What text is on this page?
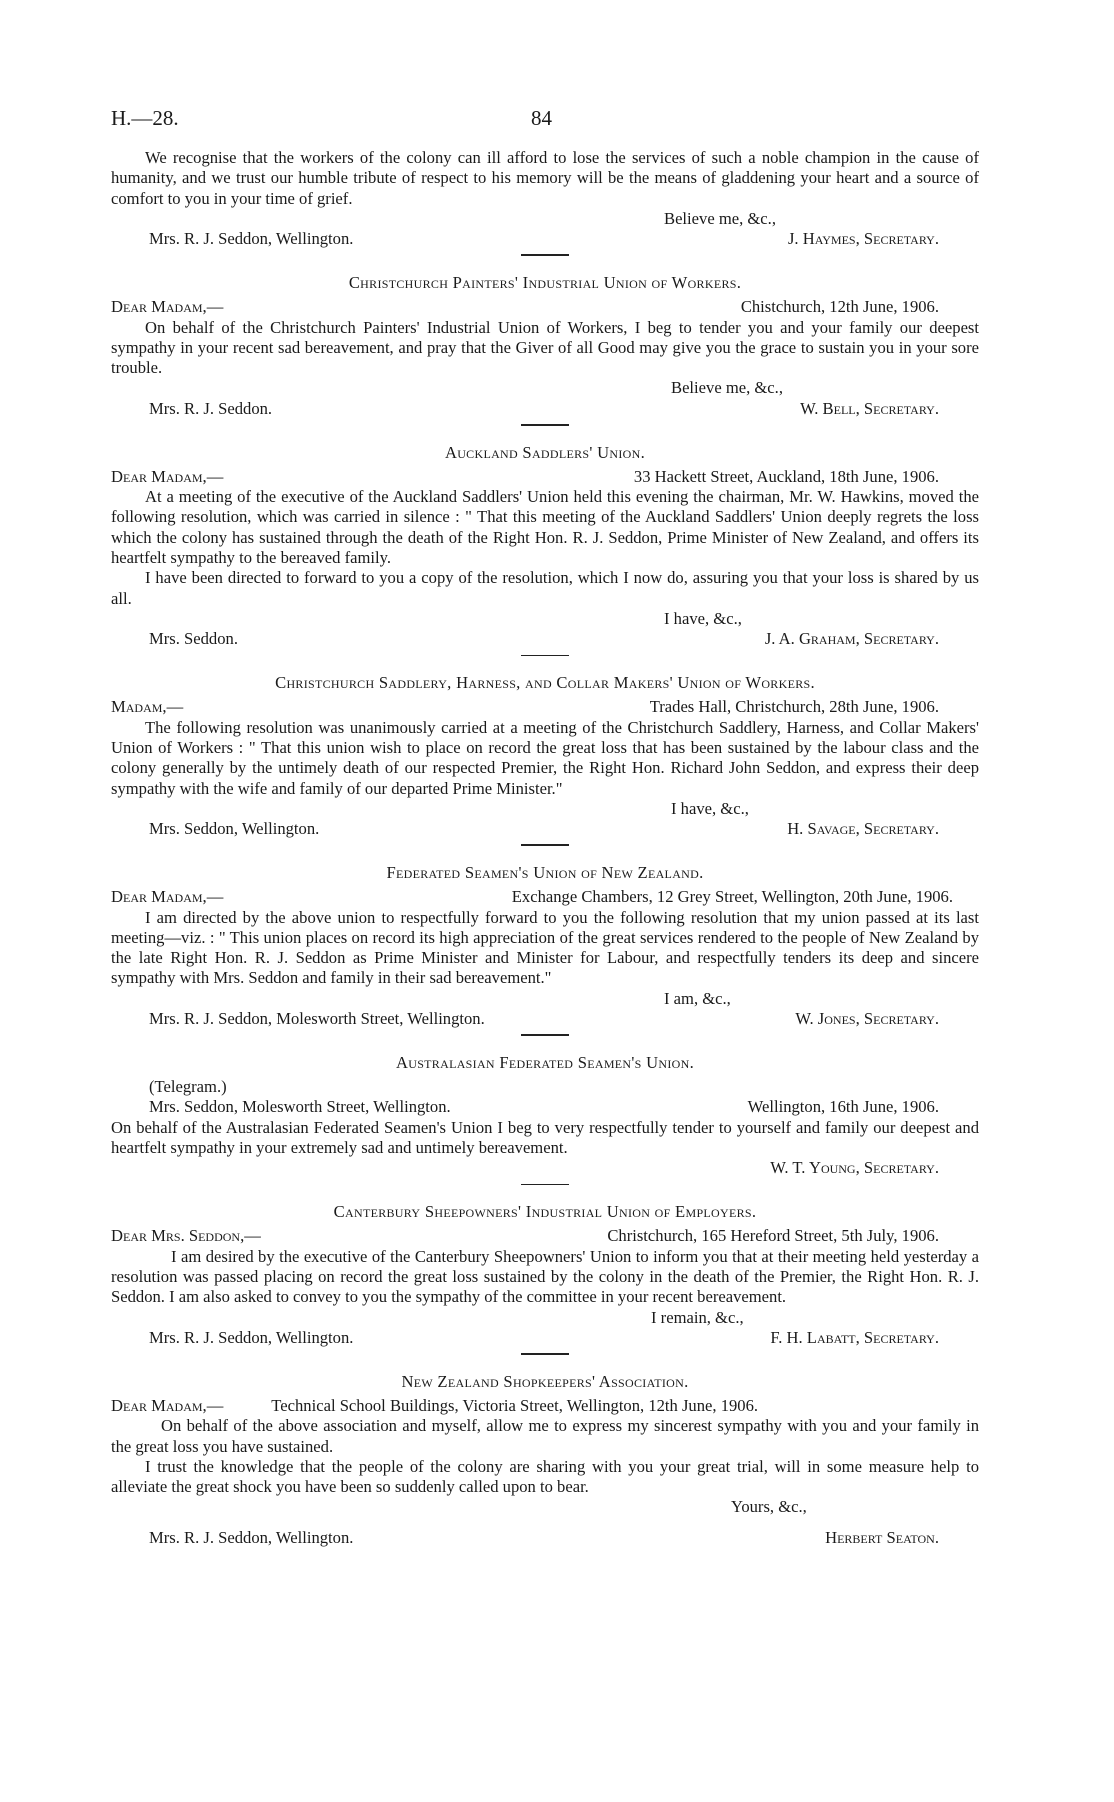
H.—28.	84

We recognise that the workers of the colony can ill afford to lose the services of such a noble champion in the cause of humanity, and we trust our humble tribute of respect to his memory will be the means of gladdening your heart and a source of comfort to you in your time of grief.

Believe me, &c.,

Mrs. R. J. Seddon, Wellington.	J. Haymes, Secretary.

Christchurch Painters' Industrial Union of Workers.

Dear Madam,—	Chistchurch, 12th June, 1906.

On behalf of the Christchurch Painters' Industrial Union of Workers, I beg to tender you and your family our deepest sympathy in your recent sad bereavement, and pray that the Giver of all Good may give you the grace to sustain you in your sore trouble.

Believe me, &c.,

Mrs. R. J. Seddon.	W. Bell, Secretary.

Auckland Saddlers' Union.

Dear Madam,—	33 Hackett Street, Auckland, 18th June, 1906.

At a meeting of the executive of the Auckland Saddlers' Union held this evening the chairman, Mr. W. Hawkins, moved the following resolution, which was carried in silence : " That this meeting of the Auckland Saddlers' Union deeply regrets the loss which the colony has sustained through the death of the Right Hon. R. J. Seddon, Prime Minister of New Zealand, and offers its heartfelt sympathy to the bereaved family.

I have been directed to forward to you a copy of the resolution, which I now do, assuring you that your loss is shared by us all.

I have, &c.,

Mrs. Seddon.	J. A. Graham, Secretary.

Christchurch Saddlery, Harness, and Collar Makers' Union of Workers.

Madam,—	Trades Hall, Christchurch, 28th June, 1906.

The following resolution was unanimously carried at a meeting of the Christchurch Saddlery, Harness, and Collar Makers' Union of Workers : " That this union wish to place on record the great loss that has been sustained by the labour class and the colony generally by the untimely death of our respected Premier, the Right Hon. Richard John Seddon, and express their deep sympathy with the wife and family of our departed Prime Minister."

I have, &c.,

Mrs. Seddon, Wellington.	H. Savage, Secretary.

Federated Seamen's Union of New Zealand.

Dear Madam,—	Exchange Chambers, 12 Grey Street, Wellington, 20th June, 1906.

I am directed by the above union to respectfully forward to you the following resolution that my union passed at its last meeting—viz. : " This union places on record its high appreciation of the great services rendered to the people of New Zealand by the late Right Hon. R. J. Seddon as Prime Minister and Minister for Labour, and respectfully tenders its deep and sincere sympathy with Mrs. Seddon and family in their sad bereavement."

I am, &c.,

Mrs. R. J. Seddon, Molesworth Street, Wellington.	W. Jones, Secretary.

Australasian Federated Seamen's Union.

(Telegram.)

Mrs. Seddon, Molesworth Street, Wellington.	Wellington, 16th June, 1906.

On behalf of the Australasian Federated Seamen's Union I beg to very respectfully tender to yourself and family our deepest and heartfelt sympathy in your extremely sad and untimely bereavement.

W. T. Young, Secretary.

Canterbury Sheepowners' Industrial Union of Employers.

Dear Mrs. Seddon,—	Christchurch, 165 Hereford Street, 5th July, 1906.

I am desired by the executive of the Canterbury Sheepowners' Union to inform you that at their meeting held yesterday a resolution was passed placing on record the great loss sustained by the colony in the death of the Premier, the Right Hon. R. J. Seddon. I am also asked to convey to you the sympathy of the committee in your recent bereavement.

I remain, &c.,

Mrs. R. J. Seddon, Wellington.	F. H. Labatt, Secretary.

New Zealand Shopkeepers' Association.

Dear Madam,—	Technical School Buildings, Victoria Street, Wellington, 12th June, 1906.

On behalf of the above association and myself, allow me to express my sincerest sympathy with you and your family in the great loss you have sustained.

I trust the knowledge that the people of the colony are sharing with you your great trial, will in some measure help to alleviate the great shock you have been so suddenly called upon to bear.

Yours, &c.,

Mrs. R. J. Seddon, Wellington.	Herbert Seaton.
